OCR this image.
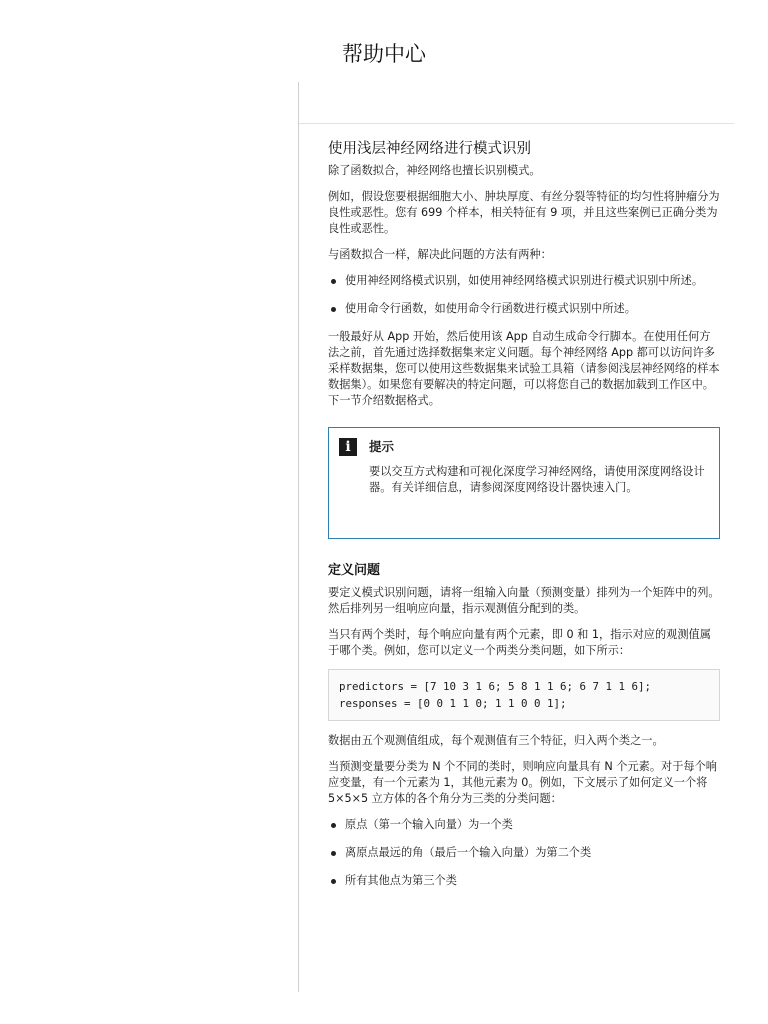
帮助中心
使用浅层神经网络进行模式识别

除了函数拟合，神经网络也擅长识别模式。

例如，假设您要根据细胞大小、肿块厚度、有丝分裂等特征的均匀性将肿瘤分为良性或恶性。您有 699 个样本，相关特征有 9 项，并且这些案例已正确分类为良性或恶性。

与函数拟合一样，解决此问题的方法有两种：

使用神经网络模式识别，如使用神经网络模式识别进行模式识别中所述。
使用命令行函数，如使用命令行函数进行模式识别中所述。

一般最好从 App 开始，然后使用该 App 自动生成命令行脚本。在使用任何方法之前，首先通过选择数据集来定义问题。每个神经网络 App 都可以访问许多采样数据集，您可以使用这些数据集来试验工具箱（请参阅浅层神经网络的样本数据集）。如果您有要解决的特定问题，可以将您自己的数据加载到工作区中。下一节介绍数据格式。

i	提示
要以交互方式构建和可视化深度学习神经网络，请使用深度网络设计器。有关详细信息，请参阅深度网络设计器快速入门。
定义问题

要定义模式识别问题，请将一组输入向量（预测变量）排列为一个矩阵中的列。然后排列另一组响应向量，指示观测值分配到的类。

当只有两个类时，每个响应向量有两个元素，即 0 和 1，指示对应的观测值属于哪个类。例如，您可以定义一个两类分类问题，如下所示：

predictors = [7 10 3 1 6; 5 8 1 1 6; 6 7 1 1 6];
responses = [0 0 1 1 0; 1 1 0 0 1];

数据由五个观测值组成，每个观测值有三个特征，归入两个类之一。

当预测变量要分类为 N 个不同的类时，则响应向量具有 N 个元素。对于每个响应变量，有一个元素为 1，其他元素为 0。例如，下文展示了如何定义一个将 5×5×5 立方体的各个角分为三类的分类问题：

原点（第一个输入向量）为一个类
离原点最远的角（最后一个输入向量）为第二个类
所有其他点为第三个类
